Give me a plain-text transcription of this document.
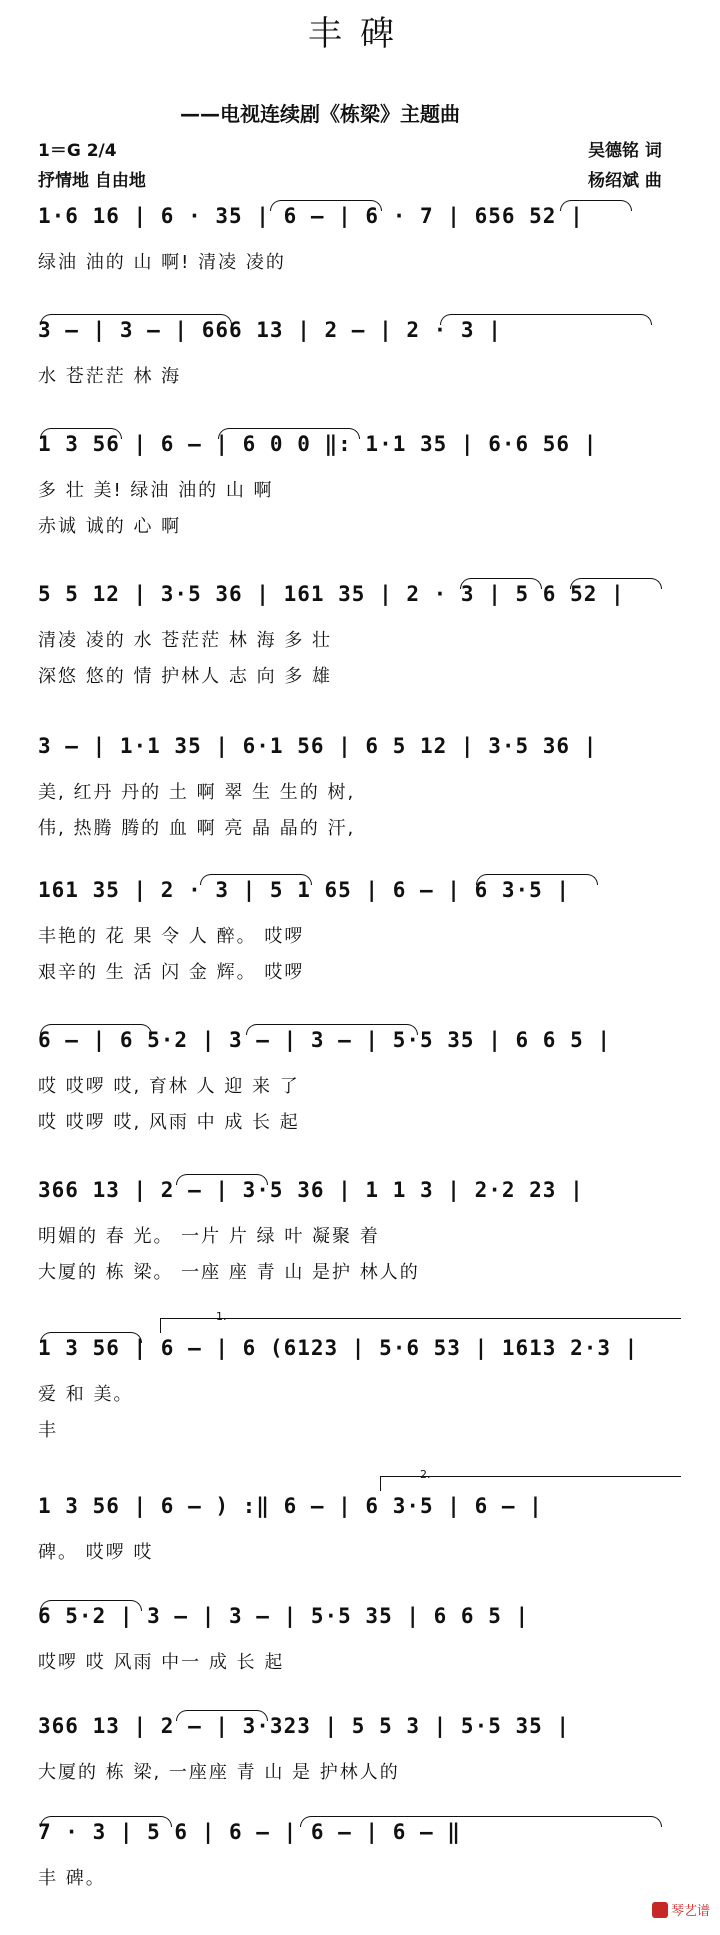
丰碑
——电视连续剧《栋梁》主题曲
1＝G 2/4
抒情地 自由地
吴德铭 词
杨绍斌 曲
1·6 16 | 6 · 35 | 6 — | 6 · 7 | 656 52 |
绿油 油的 山 啊! 清凌 凌的
3 — | 3 — | 666 13 | 2 — | 2 · 3 |
水 苍茫茫 林 海
1 3 56 | 6 — | 6 0 0 ‖: 1·1 35 | 6·6 56 |
多 壮 美! 绿油 油的 山 啊
赤诚 诚的 心 啊
5 5 12 | 3·5 36 | 161 35 | 2 · 3 | 5 6 52 |
清凌 凌的 水 苍茫茫 林 海 多 壮
深悠 悠的 情 护林人 志 向 多 雄
3 — | 1·1 35 | 6·1 56 | 6 5 12 | 3·5 36 |
美, 红丹 丹的 土 啊 翠 生 生的 树,
伟, 热腾 腾的 血 啊 亮 晶 晶的 汗,
161 35 | 2 · 3 | 5 1 65 | 6 — | 6 3·5 |
丰艳的 花 果 令 人 醉。 哎啰
艰辛的 生 活 闪 金 辉。 哎啰
6 — | 6 5·2 | 3 — | 3 — | 5·5 35 | 6 6 5 |
哎 哎啰 哎, 育林 人 迎 来 了
哎 哎啰 哎, 风雨 中 成 长 起
366 13 | 2 — | 3·5 36 | 1 1 3 | 2·2 23 |
明媚的 春 光。 一片 片 绿 叶 凝聚 着
大厦的 栋 梁。 一座 座 青 山 是护 林人的
1.
1 3 56 | 6 — | 6 (6123 | 5·6 53 | 1613 2·3 |
爱 和 美。
丰
2.
1 3 56 | 6 — ) :‖ 6 — | 6 3·5 | 6 — |
碑。 哎啰 哎
6 5·2 | 3 — | 3 — | 5·5 35 | 6 6 5 |
哎啰 哎 风雨 中一 成 长 起
366 13 | 2 — | 3·323 | 5 5 3 | 5·5 35 |
大厦的 栋 梁, 一座座 青 山 是 护林人的
7 · 3 | 5 6 | 6 — | 6 — | 6 — ‖
丰 碑。
琴艺谱
